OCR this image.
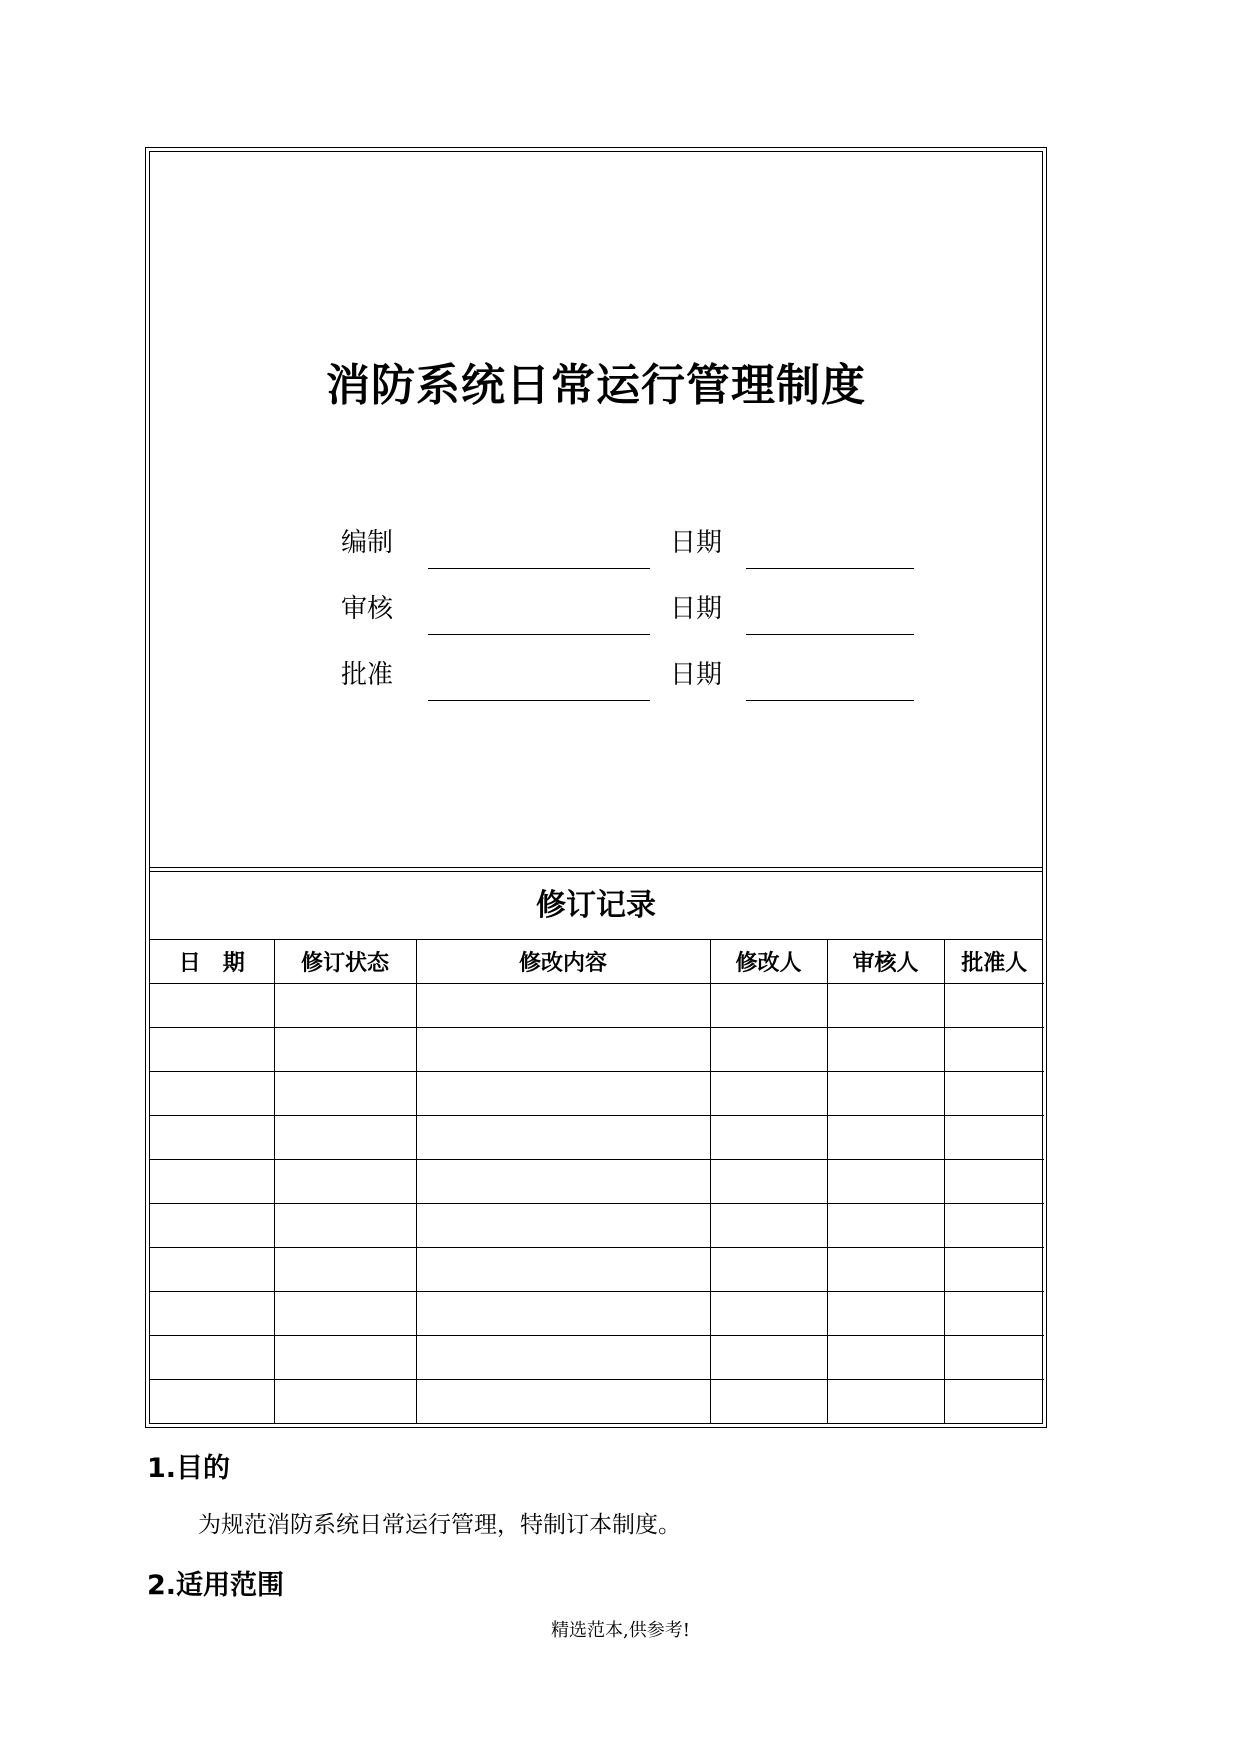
消防系统日常运行管理制度
编制	日期
审核	日期
批准	日期
修订记录
日　期	修订状态	修改内容	修改人	审核人	批准人

1.目的
为规范消防系统日常运行管理，特制订本制度。
2.适用范围
精选范本,供参考!
